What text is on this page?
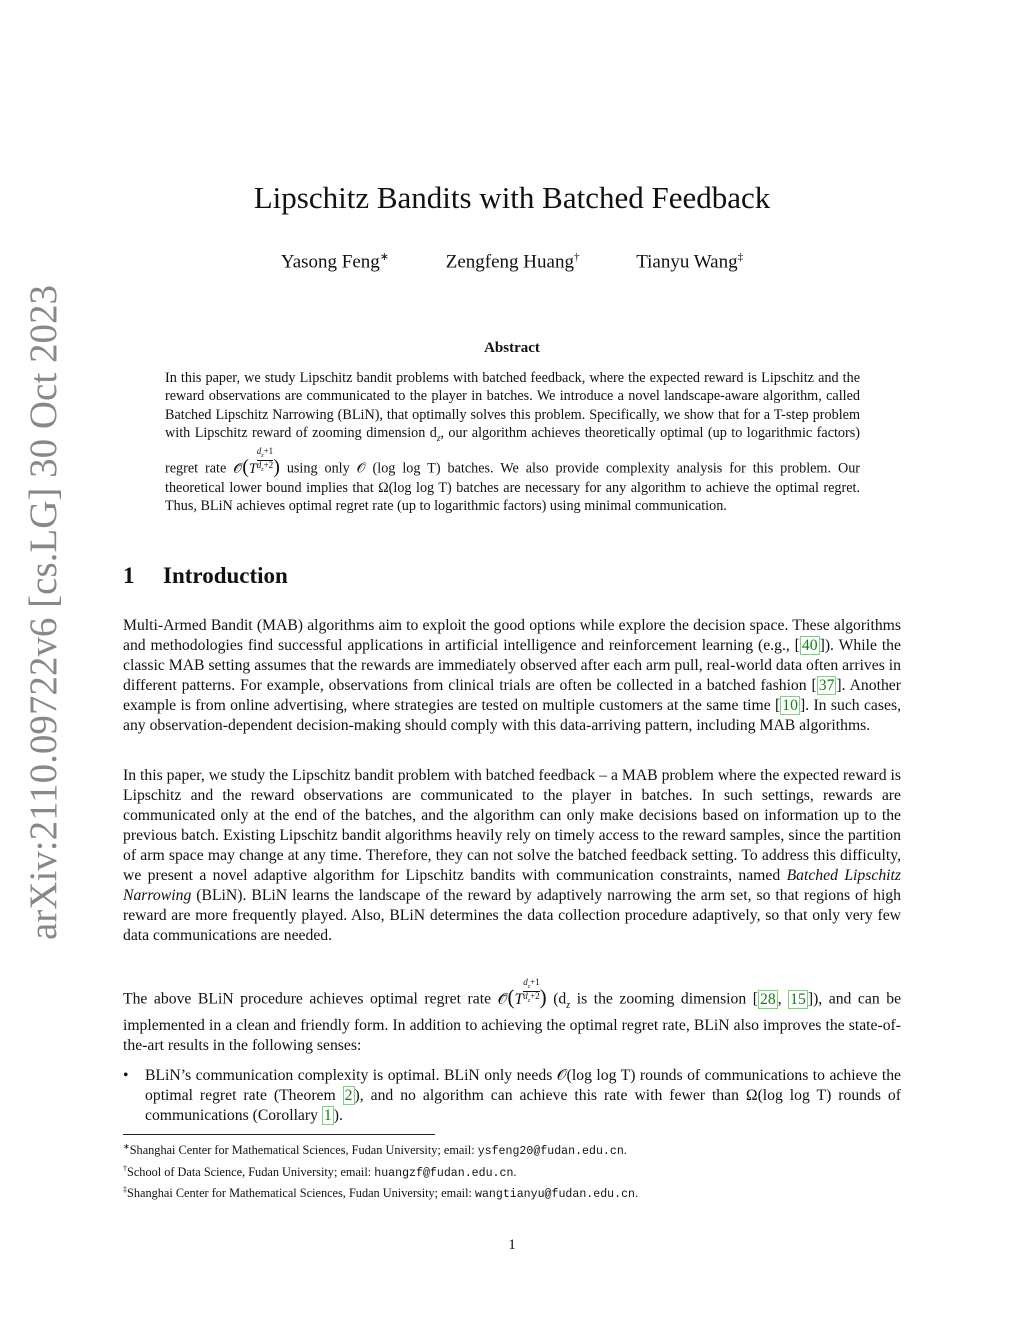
arXiv:2110.09722v6 [cs.LG] 30 Oct 2023
Lipschitz Bandits with Batched Feedback
Yasong Feng∗	Zengfeng Huang†	Tianyu Wang‡
Abstract
In this paper, we study Lipschitz bandit problems with batched feedback, where the expected reward is Lipschitz and the reward observations are communicated to the player in batches. We introduce a novel landscape-aware algorithm, called Batched Lipschitz Narrowing (BLiN), that optimally solves this problem. Specifically, we show that for a T-step problem with Lipschitz reward of zooming dimension $d_z$, our algorithm achieves theoretically optimal (up to logarithmic factors) regret rate 𝒪̃(T $\frac{d_z+1}{d_z+2}$ ) using only 𝒪 (log log T) batches. We also provide complexity analysis for this problem. Our theoretical lower bound implies that Ω(log log T) batches are necessary for any algorithm to achieve the optimal regret. Thus, BLiN achieves optimal regret rate (up to logarithmic factors) using minimal communication.
1 Introduction
Multi-Armed Bandit (MAB) algorithms aim to exploit the good options while explore the decision space. These algorithms and methodologies find successful applications in artificial intelligence and reinforcement learning (e.g., [ 40 ]). While the classic MAB setting assumes that the rewards are immediately observed after each arm pull, real-world data often arrives in different patterns. For example, observations from clinical trials are often be collected in a batched fashion [ 37 ]. Another example is from online advertising, where strategies are tested on multiple customers at the same time [ 10 ]. In such cases, any observation-dependent decision-making should comply with this data-arriving pattern, including MAB algorithms.
In this paper, we study the Lipschitz bandit problem with batched feedback – a MAB problem where the expected reward is Lipschitz and the reward observations are communicated to the player in batches. In such settings, rewards are communicated only at the end of the batches, and the algorithm can only make decisions based on information up to the previous batch. Existing Lipschitz bandit algorithms heavily rely on timely access to the reward samples, since the partition of arm space may change at any time. Therefore, they can not solve the batched feedback setting. To address this difficulty, we present a novel adaptive algorithm for Lipschitz bandits with communication constraints, named Batched Lipschitz Narrowing (BLiN). BLiN learns the landscape of the reward by adaptively narrowing the arm set, so that regions of high reward are more frequently played. Also, BLiN determines the data collection procedure adaptively, so that only very few data communications are needed.
The above BLiN procedure achieves optimal regret rate 𝒪̃(T $\frac{d_z+1}{d_z+2}$ ) ($d_z$ is the zooming dimension [ 28 , 15 ]), and can be implemented in a clean and friendly form. In addition to achieving the optimal regret rate, BLiN also improves the state-of-the-art results in the following senses:
•	BLiN’s communication complexity is optimal. BLiN only needs 𝒪(log log T) rounds of communications to achieve the optimal regret rate (Theorem 2 ), and no algorithm can achieve this rate with fewer than Ω(log log T) rounds of communications (Corollary 1 ).
∗Shanghai Center for Mathematical Sciences, Fudan University; email: ysfeng20@fudan.edu.cn.
†School of Data Science, Fudan University; email: huangzf@fudan.edu.cn.
‡Shanghai Center for Mathematical Sciences, Fudan University; email: wangtianyu@fudan.edu.cn.
1
